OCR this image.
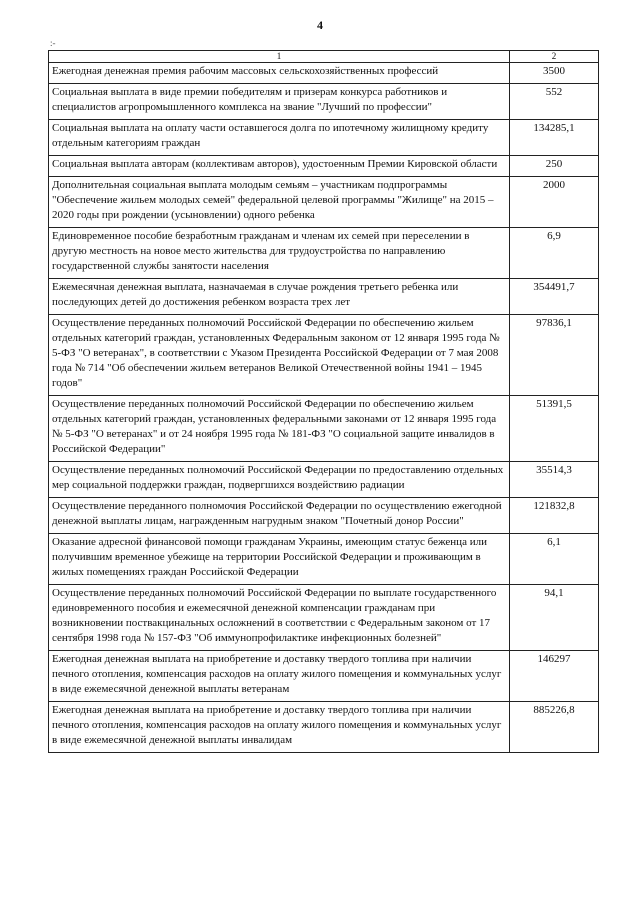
4
:-
1	2
Ежегодная денежная премия рабочим массовых сельскохозяйственных профессий	3500
Социальная выплата в виде премии победителям и призерам конкурса работников и специалистов агропромышленного комплекса на звание "Лучший по профессии"	552
Социальная выплата на оплату части оставшегося долга по ипотечному жилищному кредиту отдельным категориям граждан	134285,1
Социальная выплата авторам (коллективам авторов), удостоенным Премии Кировской области	250
Дополнительная социальная выплата молодым семьям – участникам подпрограммы "Обеспечение жильем молодых семей" федеральной целевой программы "Жилище" на 2015 – 2020 годы при рождении (усыновлении) одного ребенка	2000
Единовременное пособие безработным гражданам и членам их семей при переселении в другую местность на новое место жительства для трудоустройства по направлению государственной службы занятости населения	6,9
Ежемесячная денежная выплата, назначаемая в случае рождения третьего ребенка или последующих детей до достижения ребенком возраста трех лет	354491,7
Осуществление переданных полномочий Российской Федерации по обеспечению жильем отдельных категорий граждан, установленных Федеральным законом от 12 января 1995 года № 5-ФЗ "О ветеранах", в соответствии с Указом Президента Российской Федерации от 7 мая 2008 года № 714 "Об обеспечении жильем ветеранов Великой Отечественной войны 1941 – 1945 годов"	97836,1
Осуществление переданных полномочий Российской Федерации по обеспечению жильем отдельных категорий граждан, установленных федеральными законами от 12 января 1995 года № 5-ФЗ "О ветеранах" и от 24 ноября 1995 года № 181-ФЗ "О социальной защите инвалидов в Российской Федерации"	51391,5
Осуществление переданных полномочий Российской Федерации по предоставлению отдельных мер социальной поддержки граждан, подвергшихся воздействию радиации	35514,3
Осуществление переданного полномочия Российской Федерации по осуществлению ежегодной денежной выплаты лицам, награжденным нагрудным знаком "Почетный донор России"	121832,8
Оказание адресной финансовой помощи гражданам Украины, имеющим статус беженца или получившим временное убежище на территории Российской Федерации и проживающим в жилых помещениях граждан Российской Федерации	6,1
Осуществление переданных полномочий Российской Федерации по выплате государственного единовременного пособия и ежемесячной денежной компенсации гражданам при возникновении поствакцинальных осложнений в соответствии с Федеральным законом от 17 сентября 1998 года № 157-ФЗ "Об иммунопрофилактике инфекционных болезней"	94,1
Ежегодная денежная выплата на приобретение и доставку твердого топлива при наличии печного отопления, компенсация расходов на оплату жилого помещения и коммунальных услуг в виде ежемесячной денежной выплаты ветеранам	146297
Ежегодная денежная выплата на приобретение и доставку твердого топлива при наличии печного отопления, компенсация расходов на оплату жилого помещения и коммунальных услуг в виде ежемесячной денежной выплаты инвалидам	885226,8
